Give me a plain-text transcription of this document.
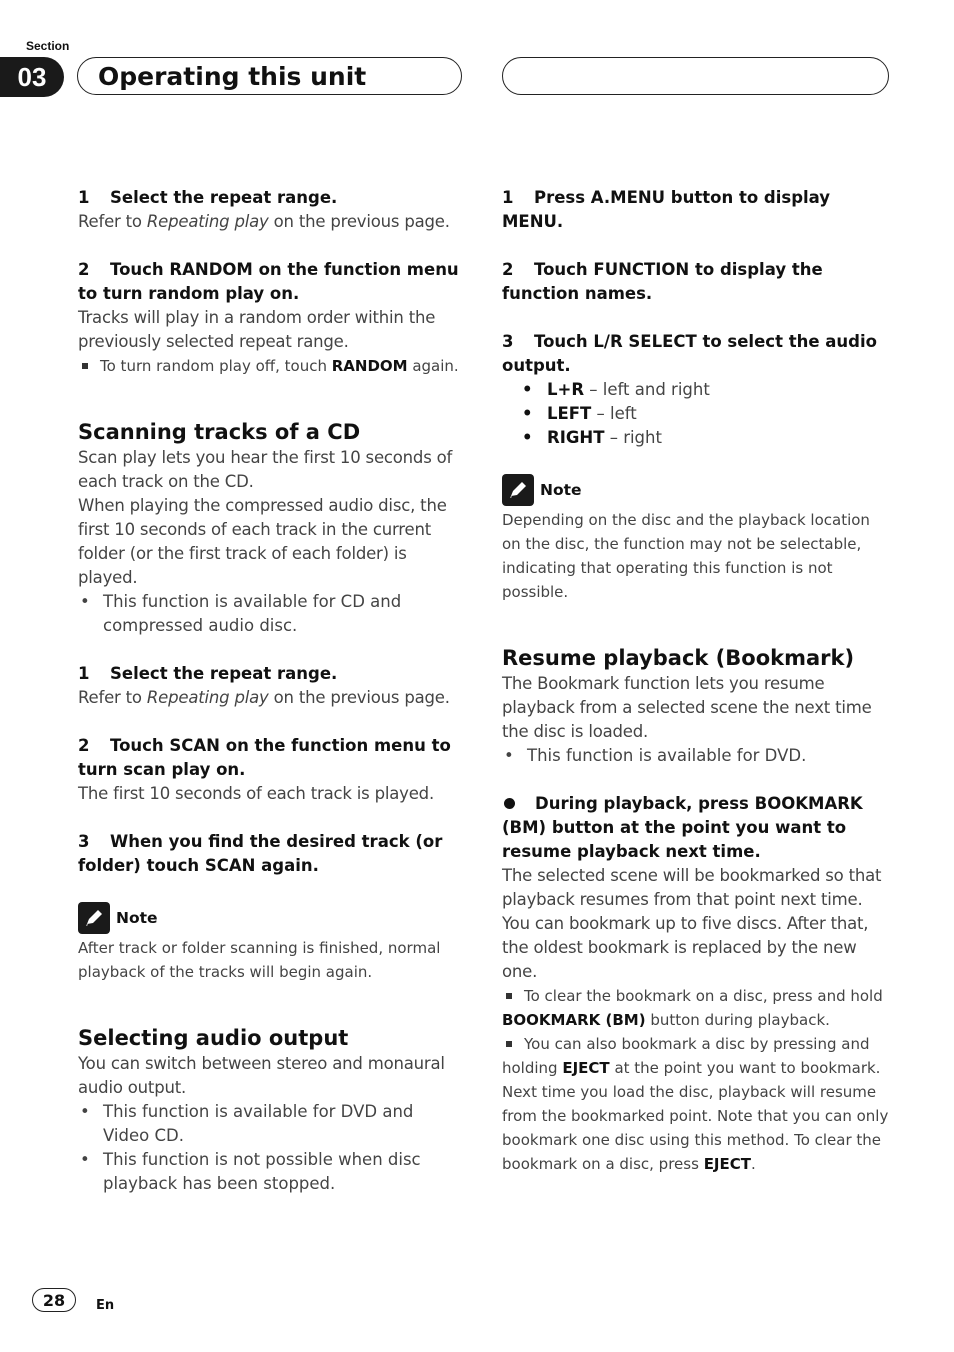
Section
03	Operating this unit

1 Select the repeat range.

Refer to Repeating play on the previous page.

2 Touch RANDOM on the function menu to turn random play on.

Tracks will play in a random order within the previously selected repeat range.

To turn random play off, touch RANDOM again.

Scanning tracks of a CD

Scan play lets you hear the first 10 seconds of each track on the CD.

When playing the compressed audio disc, the first 10 seconds of each track in the current folder (or the first track of each folder) is played.

• This function is available for CD and compressed audio disc.

1 Select the repeat range.

Refer to Repeating play on the previous page.

2 Touch SCAN on the function menu to turn scan play on.

The first 10 seconds of each track is played.

3 When you find the desired track (or folder) touch SCAN again.

Note

After track or folder scanning is finished, normal playback of the tracks will begin again.

Selecting audio output

You can switch between stereo and monaural audio output.

• This function is available for DVD and Video CD.

• This function is not possible when disc playback has been stopped.

1 Press A.MENU button to display MENU.

2 Touch FUNCTION to display the function names.

3 Touch L/R SELECT to select the audio output.

• L+R – left and right

• LEFT – left

• RIGHT – right

Note

Depending on the disc and the playback location on the disc, the function may not be selectable, indicating that operating this function is not possible.

Resume playback (Bookmark)

The Bookmark function lets you resume playback from a selected scene the next time the disc is loaded.

• This function is available for DVD.

During playback, press BOOKMARK (BM) button at the point you want to resume playback next time.

The selected scene will be bookmarked so that playback resumes from that point next time. You can bookmark up to five discs. After that, the oldest bookmark is replaced by the new one.

To clear the bookmark on a disc, press and hold BOOKMARK (BM) button during playback.

You can also bookmark a disc by pressing and holding EJECT at the point you want to bookmark. Next time you load the disc, playback will resume from the bookmarked point. Note that you can only bookmark one disc using this method. To clear the bookmark on a disc, press EJECT.

28	En
